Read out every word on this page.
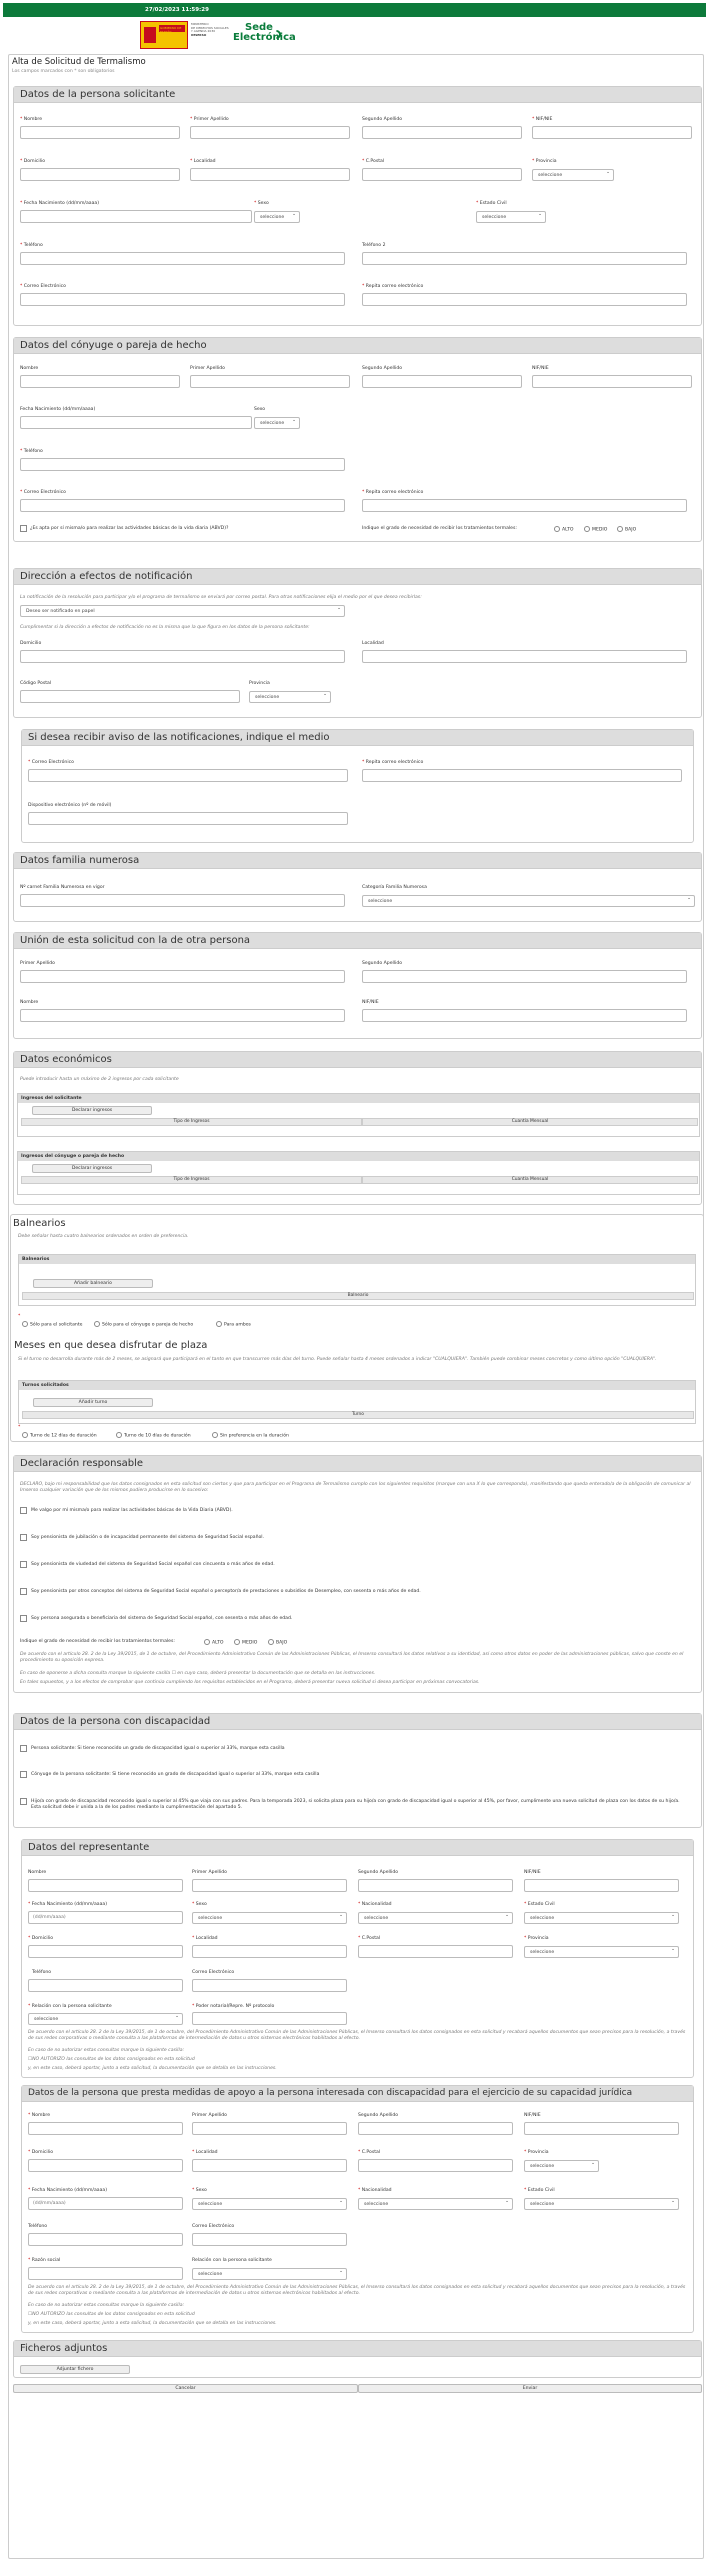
27/02/2023 11:59:29
GOBIERNO DE ESPAÑA
MINISTERIO
DE DERECHOS SOCIALES
Y AGENDA 2030
IMSERSO
Sede
Electrónica
Alta de Solicitud de Termalismo
Los campos marcados con * son obligatorios
Datos de la persona solicitante
* Nombre	* Primer Apellido	Segundo Apellido	* NIF/NIE
* Domicilio	* Localidad	* C.Postal	* Provincia
seleccione ⌄
* Fecha Nacimiento (dd/mm/aaaa)	* Sexo
seleccione ⌄
* Estado Civil
seleccione ⌄
* Teléfono	Teléfono 2
* Correo Electrónico	* Repita correo electrónico
Datos del cónyuge o pareja de hecho
Nombre	Primer Apellido	Segundo Apellido	NIF/NIE
Fecha Nacimiento (dd/mm/aaaa)	Sexo
seleccione ⌄
* Teléfono
* Correo Electrónico	* Repita correo electrónico
¿Es apta por sí misma/o para realizar las actividades básicas de la vida diaria (ABVD)?	Indique el grado de necesidad de recibir los tratamientos termales:	ALTO	MEDIO	BAJO
Dirección a efectos de notificación
La notificación de la resolución para participar y/o el programa de termalismo se enviará por correo postal. Para otras notificaciones elija el medio por el que desea recibirlas:
Deseo ser notificado en papel ⌄
Cumplimentar si la dirección a efectos de notificación no es la misma que la que figura en los datos de la persona solicitante:
Domicilio	Localidad
Código Postal	Provincia
seleccione ⌄
Si desea recibir aviso de las notificaciones, indique el medio
* Correo Electrónico	* Repita correo electrónico
Dispositivo electrónico (nº de móvil)
Datos familia numerosa
Nº carnet Familia Numerosa en vigor	Categoría Familia Numerosa
seleccione ⌄
Unión de esta solicitud con la de otra persona
Primer Apellido	Segundo Apellido
Nombre	NIF/NIE
Datos económicos
Puede introducir hasta un máximo de 2 ingresos por cada solicitante
Ingresos del solicitante
Declarar ingresos
Tipo de Ingresos	Cuantía Mensual
Ingresos del cónyuge o pareja de hecho
Declarar ingresos
Tipo de Ingresos	Cuantía Mensual
Balnearios
Debe señalar hasta cuatro balnearios ordenados en orden de preferencia.
Balnearios
Añadir balneario
Balneario
*
Sólo para el solicitante	Sólo para el cónyuge o pareja de hecho	Para ambos
Meses en que desea disfrutar de plaza
Si el turno no desarrolla durante más de 2 meses, se asignará que participará en el tanto en que transcurren más días del turno. Puede señalar hasta 4 meses ordenados a indicar "CUALQUIERA". También puede combinar meses concretos y como último opción "CUALQUIERA".
Turnos solicitados
Añadir turno
Turno
*
Turno de 12 días de duración	Turno de 10 días de duración	Sin preferencia en la duración
Declaración responsable
DECLARO, bajo mi responsabilidad que los datos consignados en esta solicitud son ciertos y que para participar en el Programa de Termalismo cumplo con los siguientes requisitos (marque con una X lo que corresponda), manifestando que queda enterado/a de la obligación de comunicar al Imserso cualquier variación que de los mismos pudiera producirse en lo sucesivo:
Me valgo por mí misma/o para realizar las actividades básicas de la Vida Diaria (ABVD).
Soy pensionista de jubilación o de incapacidad permanente del sistema de Seguridad Social español.
Soy pensionista de viudedad del sistema de Seguridad Social español con cincuenta o más años de edad.
Soy pensionista por otros conceptos del sistema de Seguridad Social español o perceptor/a de prestaciones o subsidios de Desempleo, con sesenta o más años de edad.
Soy persona asegurada o beneficiaria del sistema de Seguridad Social español, con sesenta o más años de edad.
Indique el grado de necesidad de recibir los tratamientos termales:	ALTO	MEDIO	BAJO
De acuerdo con el artículo 28. 2 de la Ley 39/2015, de 1 de octubre, del Procedimiento Administrativo Común de las Administraciones Públicas, el Imserso consultará los datos relativos a su identidad, así como otros datos en poder de las administraciones públicas, salvo que conste en el procedimiento su oposición expresa.
En caso de oponerse a dicha consulta marque la siguiente casilla ☐ en cuyo caso, deberá presentar la documentación que se detalla en las instrucciones.
En tales supuestos, y a los efectos de comprobar que continúa cumpliendo los requisitos establecidos en el Programa, deberá presentar nueva solicitud si desea participar en próximas convocatorias.
Datos de la persona con discapacidad
Persona solicitante: Si tiene reconocido un grado de discapacidad igual o superior al 33%, marque esta casilla
Cónyuge de la persona solicitante: Si tiene reconocido un grado de discapacidad igual o superior al 33%, marque esta casilla
Hijo/a con grado de discapacidad reconocido igual o superior al 45% que viaja con sus padres. Para la temporada 2023, si solicita plaza para su hijo/a con grado de discapacidad igual o superior al 45%, por favor, cumplimente una nueva solicitud de plaza con los datos de su hijo/a. Esta solicitud debe ir unida a la de los padres mediante la cumplimentación del apartado 5.
Datos del representante
Nombre	Primer Apellido	Segundo Apellido	NIF/NIE
* Fecha Nacimiento (dd/mm/aaaa)
(dd/mm/aaaa)
* Sexo
seleccione ⌄
* Nacionalidad
seleccione ⌄
* Estado Civil
seleccione ⌄
* Domicilio	* Localidad	* C.Postal	* Provincia
seleccione ⌄
Teléfono	Correo Electrónico
* Relación con la persona solicitante
seleccione ⌄
* Poder notarial/Repre. Nº protocolo
De acuerdo con el artículo 28. 2 de la Ley 39/2015, de 1 de octubre, del Procedimiento Administrativo Común de las Administraciones Públicas, el Imserso consultará los datos consignados en esta solicitud y recabará aquellos documentos que sean precisos para la resolución, a través de sus redes corporativas o mediante consulta a las plataformas de intermediación de datos u otros sistemas electrónicos habilitados al efecto.
En caso de no autorizar estas consultas marque la siguiente casilla:
☐NO AUTORIZO las consultas de los datos consignados en esta solicitud
y, en este caso, deberá aportar, junto a esta solicitud, la documentación que se detalla en las instrucciones.
Datos de la persona que presta medidas de apoyo a la persona interesada con discapacidad para el ejercicio de su capacidad jurídica
* Nombre	Primer Apellido	Segundo Apellido	NIF/NIE
* Domicilio	* Localidad	* C.Postal	* Provincia
seleccione ⌄
* Fecha Nacimiento (dd/mm/aaaa)
(dd/mm/aaaa)
* Sexo
seleccione ⌄
* Nacionalidad
seleccione ⌄
* Estado Civil
seleccione ⌄
Teléfono	Correo Electrónico
* Razón social	Relación con la persona solicitante
seleccione ⌄
De acuerdo con el artículo 28. 2 de la Ley 39/2015, de 1 de octubre, del Procedimiento Administrativo Común de las Administraciones Públicas, el Imserso consultará los datos consignados en esta solicitud y recabará aquellos documentos que sean precisos para la resolución, a través de sus redes corporativas o mediante consulta a las plataformas de intermediación de datos u otros sistemas electrónicos habilitados al efecto.
En caso de no autorizar estas consultas marque la siguiente casilla:
☐NO AUTORIZO las consultas de los datos consignados en esta solicitud
y, en este caso, deberá aportar, junto a esta solicitud, la documentación que se detalla en las instrucciones.
Ficheros adjuntos
Adjuntar fichero
Cancelar	Enviar
